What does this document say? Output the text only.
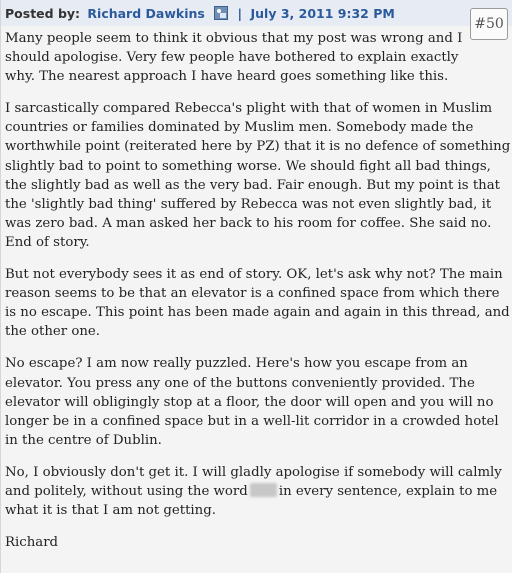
Posted by: Richard Dawkins	| July 3, 2011 9:32 PM
#50

Many people seem to think it obvious that my post was wrong and I should apologise. Very few people have bothered to explain exactly why. The nearest approach I have heard goes something like this.

I sarcastically compared Rebecca's plight with that of women in Muslim countries or families dominated by Muslim men. Somebody made the worthwhile point (reiterated here by PZ) that it is no defence of something slightly bad to point to something worse. We should fight all bad things, the slightly bad as well as the very bad. Fair enough. But my point is that the 'slightly bad thing' suffered by Rebecca was not even slightly bad, it was zero bad. A man asked her back to his room for coffee. She said no. End of story.

But not everybody sees it as end of story. OK, let's ask why not? The main reason seems to be that an elevator is a confined space from which there is no escape. This point has been made again and again in this thread, and the other one.

No escape? I am now really puzzled. Here's how you escape from an elevator. You press any one of the buttons conveniently provided. The elevator will obligingly stop at a floor, the door will open and you will no longer be in a confined space but in a well-lit corridor in a crowded hotel in the centre of Dublin.

No, I obviously don't get it. I will gladly apologise if somebody will calmly and politely, without using the word in every sentence, explain to me what it is that I am not getting.

Richard
